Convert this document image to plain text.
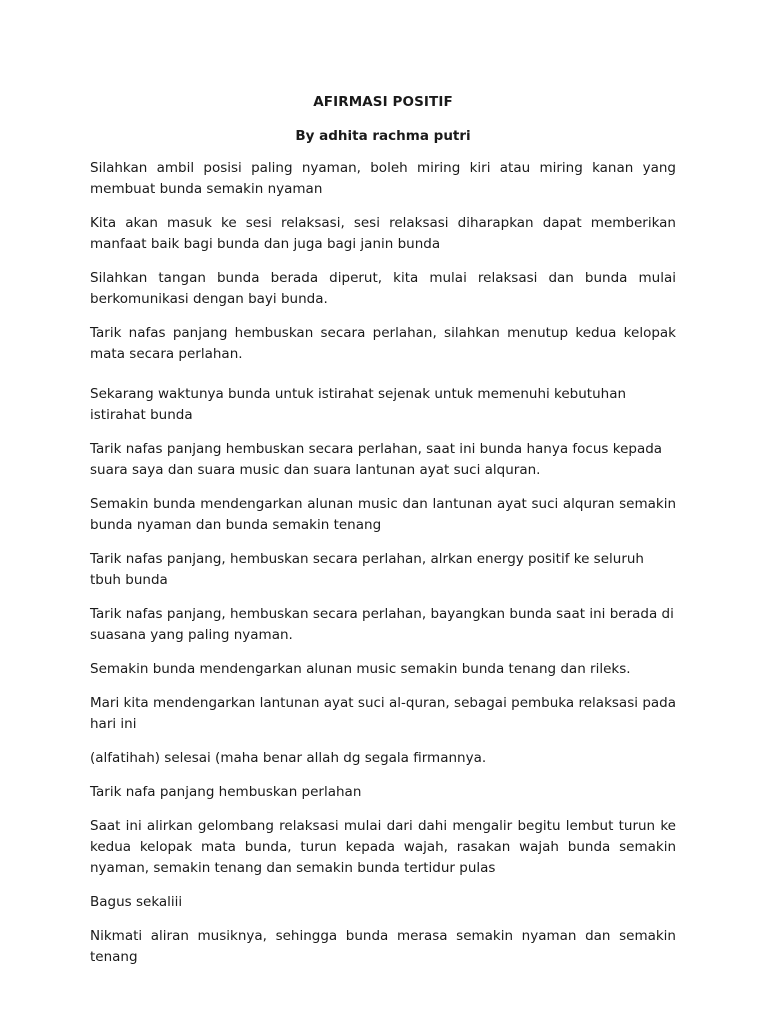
AFIRMASI POSITIF
By adhita rachma putri

Silahkan ambil posisi paling nyaman, boleh miring kiri atau miring kanan yang membuat bunda semakin nyaman

Kita akan masuk ke sesi relaksasi, sesi relaksasi diharapkan dapat memberikan manfaat baik bagi bunda dan juga bagi janin bunda

Silahkan tangan bunda berada diperut, kita mulai relaksasi dan bunda mulai berkomunikasi dengan bayi bunda.

Tarik nafas panjang hembuskan secara perlahan, silahkan menutup kedua kelopak mata secara perlahan.

Sekarang waktunya bunda untuk istirahat sejenak untuk memenuhi kebutuhan istirahat bunda

Tarik nafas panjang hembuskan secara perlahan, saat ini bunda hanya focus kepada suara saya dan suara music dan suara lantunan ayat suci alquran.

Semakin bunda mendengarkan alunan music dan lantunan ayat suci alquran semakin bunda nyaman dan bunda semakin tenang

Tarik nafas panjang, hembuskan secara perlahan, alrkan energy positif ke seluruh tbuh bunda

Tarik nafas panjang, hembuskan secara perlahan, bayangkan bunda saat ini berada di suasana yang paling nyaman.

Semakin bunda mendengarkan alunan music semakin bunda tenang dan rileks.

Mari kita mendengarkan lantunan ayat suci al-quran, sebagai pembuka relaksasi pada hari ini

(alfatihah) selesai (maha benar allah dg segala firmannya.

Tarik nafa panjang hembuskan perlahan

Saat ini alirkan gelombang relaksasi mulai dari dahi mengalir begitu lembut turun ke kedua kelopak mata bunda, turun kepada wajah, rasakan wajah bunda semakin nyaman, semakin tenang dan semakin bunda tertidur pulas

Bagus sekaliii

Nikmati aliran musiknya, sehingga bunda merasa semakin nyaman dan semakin tenang
